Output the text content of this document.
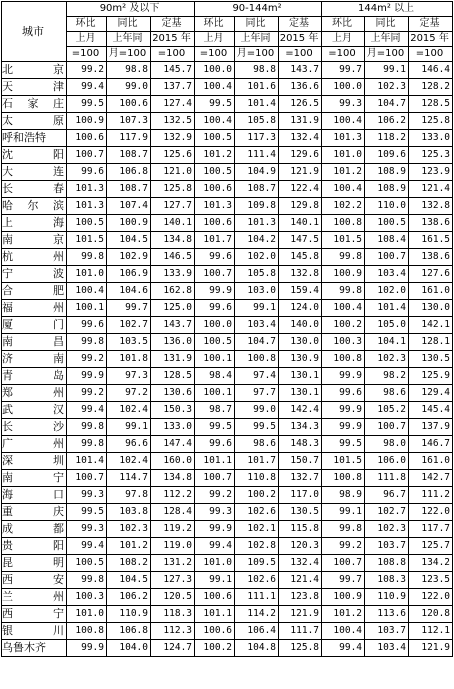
城市	90m² 及以下			90-144m²			144m² 以上		
	环比	同比	定基	环比	同比	定基	环比	同比	定基
	上月	上年同	2015 年	上月	上年同	2015 年	上月	上年同	2015 年
	=100	月=100	=100	=100	月=100	=100	=100	月=100	=100

北 京	99.2	98.8	145.7	100.0	98.8	143.7	99.7	99.1	146.4

天 津	99.4	99.0	137.7	100.4	101.6	136.6	100.0	102.3	128.2

石 家 庄	99.5	100.6	127.4	99.5	101.4	126.5	99.3	104.7	128.5

太 原	100.9	107.3	132.5	100.4	105.8	131.9	100.4	106.2	125.8

呼和浩特	100.6	117.9	132.9	100.5	117.3	132.4	101.3	118.2	133.0

沈 阳	100.7	108.7	125.6	101.2	111.4	129.6	101.0	109.6	125.3

大 连	99.6	106.8	121.0	100.5	104.9	121.9	101.2	108.9	123.9

长 春	101.3	108.7	125.8	100.6	108.7	122.4	100.4	108.9	121.4

哈 尔 滨	101.3	107.4	127.7	101.3	109.8	129.8	102.2	110.0	132.8

上 海	100.5	100.9	140.1	100.6	101.3	140.1	100.8	100.5	138.6

南 京	101.5	104.5	134.8	101.7	104.2	147.5	101.5	108.4	161.5

杭 州	99.8	102.9	146.5	99.6	102.0	145.8	99.8	100.7	138.6

宁 波	101.0	106.9	133.9	100.7	105.8	132.8	100.9	103.4	127.6

合 肥	100.4	104.6	162.8	99.9	103.0	159.4	99.8	102.0	161.0

福 州	100.1	99.7	125.0	99.6	99.1	124.0	100.4	101.4	130.0

厦 门	99.6	102.7	143.7	100.0	103.4	140.0	100.2	105.0	142.1

南 昌	99.8	103.5	136.0	100.5	104.7	130.0	100.3	104.1	128.1

济 南	99.2	101.8	131.9	100.1	100.8	130.9	100.8	102.3	130.5

青 岛	99.9	97.3	128.5	98.4	97.4	130.1	99.9	98.2	125.9

郑 州	99.2	97.2	130.6	100.1	97.7	130.1	99.6	98.6	129.4

武 汉	99.4	102.4	150.3	98.7	99.0	142.4	99.9	105.2	145.4

长 沙	99.8	99.1	133.0	99.5	99.5	134.3	99.9	100.7	137.9

广 州	99.8	96.6	147.4	99.6	98.6	148.3	99.5	98.0	146.7

深 圳	101.4	102.4	160.0	101.1	101.7	150.7	101.5	106.0	161.0

南 宁	100.7	114.7	134.8	100.7	110.8	132.7	100.8	111.8	142.7

海 口	99.3	97.8	112.2	99.2	100.2	117.0	98.9	96.7	111.2

重 庆	99.5	103.8	128.4	99.3	102.6	130.5	99.1	102.7	122.0

成 都	99.3	102.3	119.2	99.9	102.1	115.8	99.8	102.3	117.7

贵 阳	99.4	101.2	119.0	99.4	102.8	120.3	99.2	103.7	125.7

昆 明	100.5	108.2	131.2	101.0	109.5	132.4	100.7	108.8	134.2

西 安	99.8	104.5	127.3	99.1	102.6	121.4	99.7	108.3	123.5

兰 州	100.3	106.2	120.5	100.6	111.1	123.8	100.9	110.9	122.0

西 宁	101.0	110.9	118.3	101.1	114.2	121.9	101.2	113.6	120.8

银 川	100.8	106.8	112.3	100.6	106.4	111.7	100.4	103.7	112.1

乌鲁木齐	99.9	104.0	124.7	100.2	104.8	125.8	99.4	103.4	121.9
